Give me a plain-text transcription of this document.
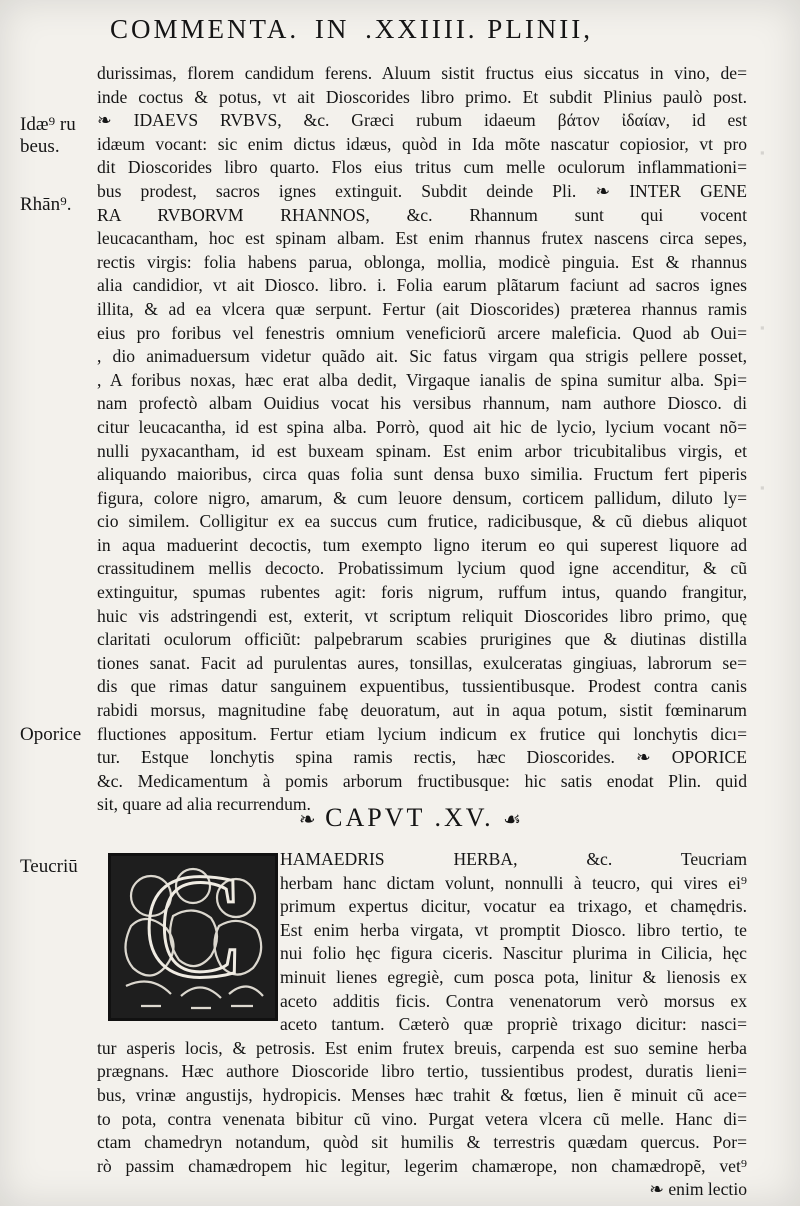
COMMENTA. IN .XXIIII. PLINII,
Idæ⁹ ru
beus.
Rhān⁹.
Oporice
Teucriū
▪
▪
▪
durissimas, florem candidum ferens. Aluum sistit fructus eius siccatus in vino, de=
inde coctus & potus, vt ait Dioscorides libro primo. Et subdit Plinius paulò post.
❧ IDAEVS RVBVS, &c. Græci rubum idaeum βάτον ἰδαίαν, id est
idæum vocant: sic enim dictus idæus, quòd in Ida mõte nascatur copiosior, vt pro
dit Dioscorides libro quarto. Flos eius tritus cum melle oculorum inflammationi=
bus prodest, sacros ignes extinguit. Subdit deinde Pli. ❧ INTER GENE
RA RVBORVM RHANNOS, &c. Rhannum sunt qui vocent
leucacantham, hoc est spinam albam. Est enim rhannus frutex nascens circa sepes,
rectis virgis: folia habens parua, oblonga, mollia, modicè pinguia. Est & rhannus
alia candidior, vt ait Diosco. libro. i. Folia earum plãtarum faciunt ad sacros ignes
illita, & ad ea vlcera quæ serpunt. Fertur (ait Dioscorides) præterea rhannus ramis
eius pro foribus vel fenestris omnium veneficiorũ arcere maleficia. Quod ab Oui=
, dio animaduersum videtur quãdo ait. Sic fatus virgam qua strigis pellere posset,
, A foribus noxas, hæc erat alba dedit, Virgaque ianalis de spina sumitur alba. Spi=
nam profectò albam Ouidius vocat his versibus rhannum, nam authore Diosco. di
citur leucacantha, id est spina alba. Porrò, quod ait hic de lycio, lycium vocant nõ=
nulli pyxacantham, id est buxeam spinam. Est enim arbor tricubitalibus virgis, et
aliquando maioribus, circa quas folia sunt densa buxo similia. Fructum fert piperis
figura, colore nigro, amarum, & cum leuore densum, corticem pallidum, diluto ly=
cio similem. Colligitur ex ea succus cum frutice, radicibusque, & cũ diebus aliquot
in aqua maduerint decoctis, tum exempto ligno iterum eo qui superest liquore ad
crassitudinem mellis decocto. Probatissimum lycium quod igne accenditur, & cũ
extinguitur, spumas rubentes agit: foris nigrum, ruffum intus, quando frangitur,
huic vis adstringendi est, exterit, vt scriptum reliquit Dioscorides libro primo, quę
claritati oculorum officiũt: palpebrarum scabies prurigines que & diutinas distilla
tiones sanat. Facit ad purulentas aures, tonsillas, exulceratas gingiuas, labrorum se=
dis que rimas datur sanguinem expuentibus, tussientibusque. Prodest contra canis
rabidi morsus, magnitudine fabę deuoratum, aut in aqua potum, sistit fœminarum
fluctiones appositum. Fertur etiam lycium indicum ex frutice qui lonchytis dicı=
tur. Estque lonchytis spina ramis rectis, hæc Dioscorides. ❧ OPORICE
&c. Medicamentum à pomis arborum fructibusque: hic satis enodat Plin. quid
sit, quare ad alia recurrendum.
❧ CAPVT .XV. ☙
C HAMAEDRIS HERBA, &c. Teucriam
herbam hanc dictam volunt, nonnulli à teucro, qui vires ei⁹
primum expertus dicitur, vocatur ea trixago, et chamędris.
Est enim herba virgata, vt promptit Diosco. libro tertio, te
nui folio hęc figura ciceris. Nascitur plurima in Cilicia, hęc
minuit lienes egregiè, cum posca pota, linitur & lienosis ex
aceto additis ficis. Contra venenatorum verò morsus ex
aceto tantum. Cæterò quæ propriè trixago dicitur: nasci=
tur asperis locis, & petrosis. Est enim frutex breuis, carpenda est suo semine herba
prægnans. Hæc authore Dioscoride libro tertio, tussientibus prodest, duratis lieni=
bus, vrinæ angustijs, hydropicis. Menses hæc trahit & fœtus, lien ẽ minuit cũ ace=
to pota, contra venenata bibitur cũ vino. Purgat vetera vlcera cũ melle. Hanc di=
ctam chamedryn notandum, quòd sit humilis & terrestris quædam quercus. Por=
rò passim chamædropem hic legitur, legerim chamærope, non chamædropẽ, vet⁹
❧ enim lectio
